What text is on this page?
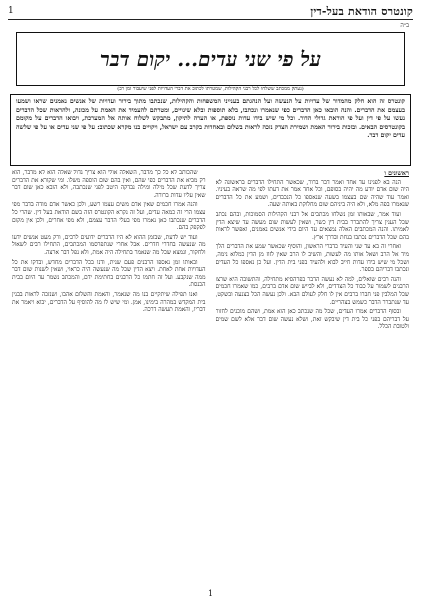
קונטרס הודאת בעל-דין
1
ב״ה
על פי שני עדים... יקום דבר
(נעתק ממכתב ששלחו לכל רבני הקהילות, שמטרתו לכתוב את דברי העדויות לפני שיעבור זמן רב)
קונטרס זה הוא חלק מהמדור של עדויות על הנעשה ועל הנהגתם בענייני המשפחות והקהילות, שנכתבו מתוך בירור ועדויות של אנשים נאמנים שראו ושמעו בעצמם את הדברים. והנה הובאו כאן הדברים כפי שנאמרו ונכתבו, בלא תוספות ובלא שינויים, ומטרתם להעמיד את האמת על מכונה, ולהראות שכל הדברים נעשו על פי דין ועל פי הוראת גדולי הדור. וכל מי שיש בידו עדות נוספת, או הערה לתיקון, מתבקש לשלוח אותה אל המערכת, ויבואו הדברים על מקומם בקונטרסים הבאים. ובזכות בירור האמת ושמירת הצדק נזכה לראות בשלום ובאחדות בקרב עם ישראל, ויקויים בנו מקרא שכתוב: על פי שני עדים או על פי שלשה עדים יקום דבר.
ראשונים ו

הנה בא לפנינו עד אחד ואמר דבר ברור, שכאשר התחילו הדברים בראשונה לא היה שום אדם יודע מה יהיה בסופם, וכל אחד אמר את דעתו לפי מה שראה בעיניו. ואמר עוד שהיה שם בעצמו בשעה שנאספו כל הנכבדים, ושמע את כל הדברים שנאמרו בפה מלא, ולא היה ביניהם שום מחלוקת באותה שעה.

ועוד אמר, שבאותו זמן נשלחו מכתבים אל רבני הקהילות הסמוכות, ובהם נכתב שכל הענין צריך להתברר בבית דין כשר, ושאין לעשות שום מעשה עד שיצא הדין לאמיתו. והנה המכתבים האלה נמצאים עד היום בידי אנשים נאמנים, ואפשר לראות בהם שכל הדברים נכתבו בנחת ובדרך ארץ.

ואחרי זה בא עד שני והעיד כדברי הראשון, והוסיף שכאשר שמע את הדברים הלך מיד אל הרב ושאל אותו מה לעשות, והשיב לו הרב שאין לזוז מן הדין כמלוא נימה, ושכל מי שיש בידו עדות חייב לבוא ולהעיד בפני בית הדין. ועל כן נאספו כל העדים ונכתבו דבריהם בספר.

והנה רבים שואלים, למה לא נעשה הדבר בפרהסיא מתחילה, והתשובה היא שרצו הרבנים לשמור על כבוד כל הצדדים, ולא לבייש שום אדם ברבים, כמו שאמרו חכמים שכל המלבין פני חברו ברבים אין לו חלק לעולם הבא. ולכן נעשה הכל בצנעה ובשקט, עד שנתברר הדבר כשמש בצהריים.

ובסוף הדברים אמרו העדים, שכל מה שנכתב כאן הוא אמת, ושהם מוכנים לחזור על דבריהם בפני כל בית דין שיבקש זאת, ושלא נעשה שום דבר אלא לשם שמים ולטובת הכלל.

שהכותב לא כל כך מדבר, השאלה אולי הוא צריך גדול שאלה הוא לא מדבר, הוא רק מביא את הדברים כפי שהם, ואין בהם שום הוספה משלו. ומי שקורא את הדברים צריך לדעת שכל מילה ומילה נבדקה היטב לפני שנכתבה, ולא הובא כאן שום דבר שאין עליו עדות ברורה.

והנה אמרו חכמים שאין אדם משים עצמו רשע, ולכן כאשר אדם מודה בדבר מפי עצמו הרי זה כמאה עדים, ועל זה נקרא הקונטרס הזה בשם הודאת בעל דין. שהרי כל הדברים שנכתבו כאן נאמרו מפי בעלי הדבר עצמם, ולא מפי אחרים, ולכן אין מקום לפקפק בהם.

ועוד יש לדעת, שבזמן ההוא לא היו הדברים ידועים לרבים, ורק מעט אנשים ידעו מה שנעשה בחדרי חדרים. אבל אחרי שנתפרסמו המכתבים, התחילו רבים לשאול ולחקור, ונמצא שכל מה שנאמר בתחילה היה אמת, ולא נפל דבר ארצה.

ובאותו זמן נאספו הרבנים פעם שנית, ודנו בכל הדברים מחדש, ובדקו את כל העדויות אחת לאחת. ויצא הדין שכל מה שנעשה היה כראוי, ושאין לשנות שום דבר ממה שנקבע. ועל זה חתמו כל הרבנים בחתימת ידם, והמכתב נשמר עד היום בבית הכנסת.

ואנו תפילה שיתקיים בנו מה שנאמר, והאמת והשלום אהבו, ושנזכה לראות בבנין בית המקדש במהרה בימינו, אמן. ומי שיש לו מה להוסיף על הדברים, יבוא ויאמר את דבריו, והאמת תעשה דרכה.

1
